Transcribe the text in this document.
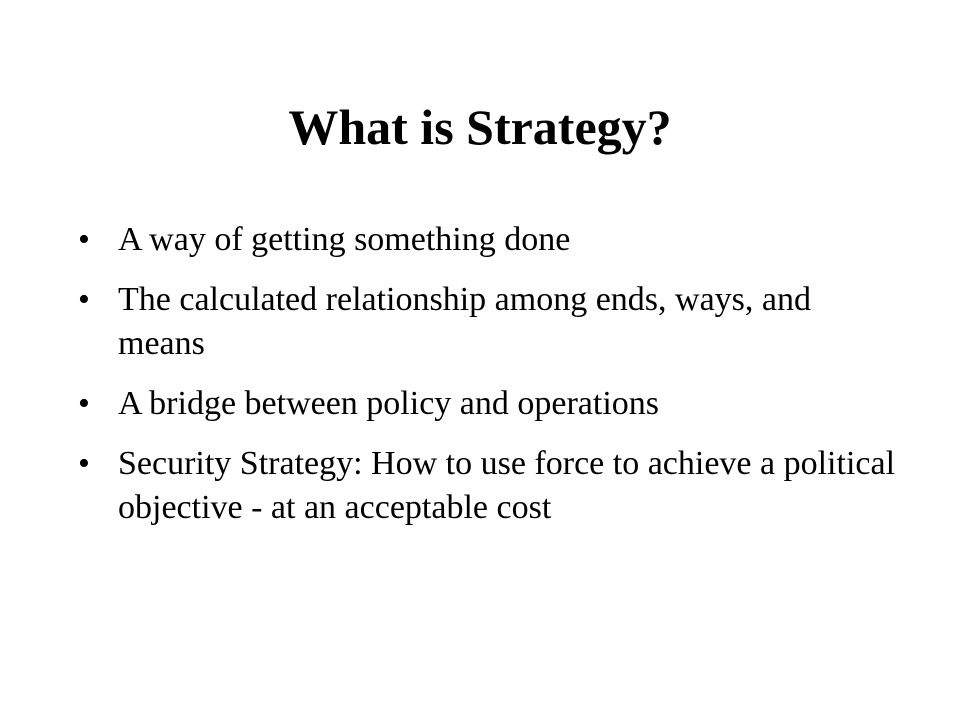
What is Strategy?
• A way of getting something done
• The calculated relationship among ends, ways, and means
• A bridge between policy and operations
• Security Strategy: How to use force to achieve a political objective - at an acceptable cost
